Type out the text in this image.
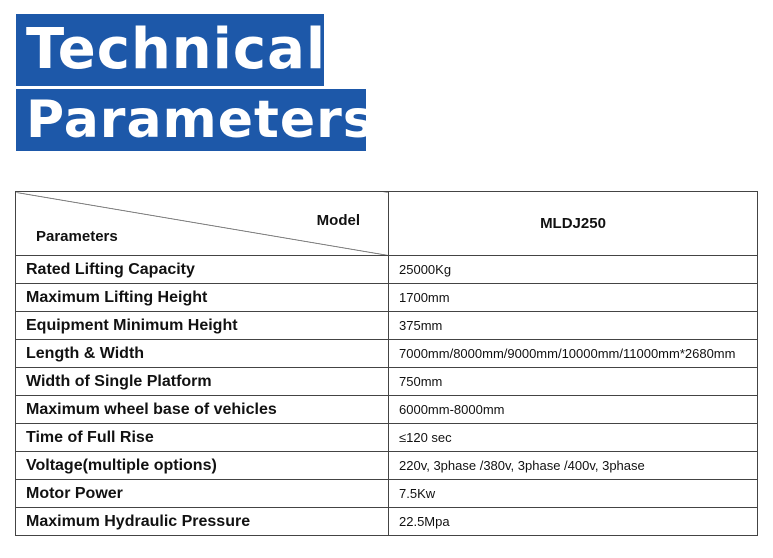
Technical
Parameters
Model
Parameters	MLDJ250
Rated Lifting Capacity	25000Kg
Maximum Lifting Height	1700mm
Equipment Minimum Height	375mm
Length & Width	7000mm/8000mm/9000mm/10000mm/11000mm*2680mm
Width of Single Platform	750mm
Maximum wheel base of vehicles	6000mm-8000mm
Time of Full Rise	≤120 sec
Voltage(multiple options)	220v, 3phase /380v, 3phase /400v, 3phase
Motor Power	7.5Kw
Maximum Hydraulic Pressure	22.5Mpa
